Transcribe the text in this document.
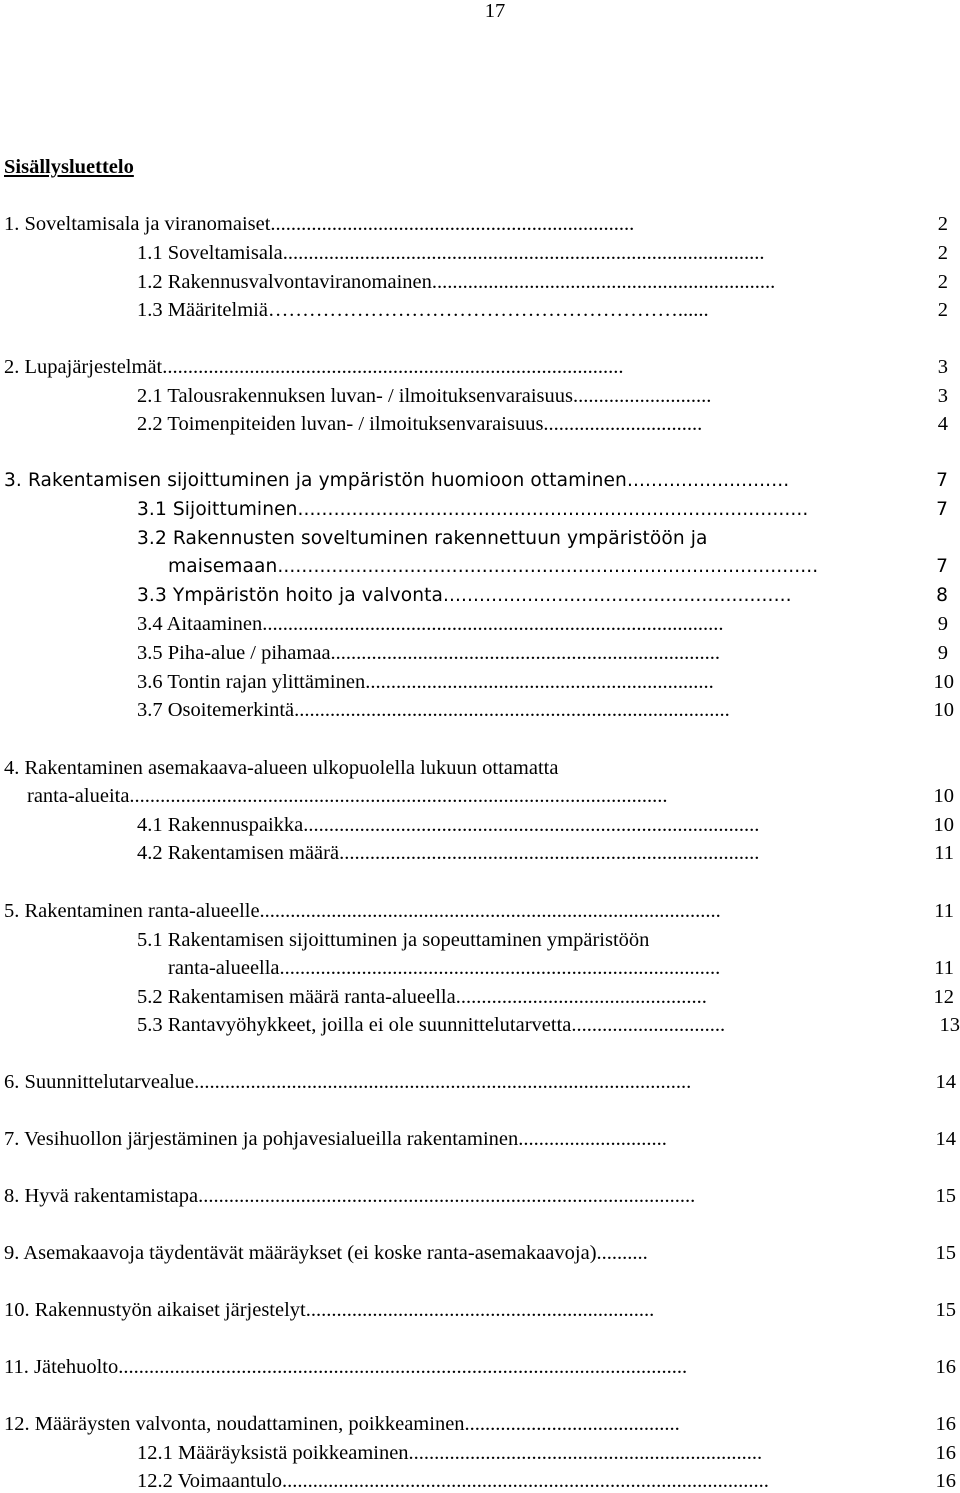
17
Sisällysluettelo
1. Soveltamisala ja viranomaiset.......................................................................	2
1.1 Soveltamisala..............................................................................................	2
1.2 Rakennusvalvontaviranomainen...................................................................	2
1.3 Määritelmiä……………………………………………………......	2
2. Lupajärjestelmät..........................................................................................	3
2.1 Talousrakennuksen luvan- / ilmoituksenvaraisuus...........................	3
2.2 Toimenpiteiden luvan- / ilmoituksenvaraisuus...............................	4
3. Rakentamisen sijoittuminen ja ympäristön huomioon ottaminen...........................	7
3.1 Sijoittuminen.....................................................................................	7
3.2 Rakennusten soveltuminen rakennettuun ympäristöön ja
maisemaan..........................................................................................	7
3.3 Ympäristön hoito ja valvonta..........................................................	8
3.4 Aitaaminen..........................................................................................	9
3.5 Piha-alue / pihamaa............................................................................	9
3.6 Tontin rajan ylittäminen....................................................................	10
3.7 Osoitemerkintä.....................................................................................	10
4. Rakentaminen asemakaava-alueen ulkopuolella lukuun ottamatta
ranta-alueita.........................................................................................................	10
4.1 Rakennuspaikka.........................................................................................	10
4.2 Rakentamisen määrä..................................................................................	11
5. Rakentaminen ranta-alueelle..........................................................................................	11
5.1 Rakentamisen sijoittuminen ja sopeuttaminen ympäristöön
ranta-alueella......................................................................................	11
5.2 Rakentamisen määrä ranta-alueella.................................................	12
5.3 Rantavyöhykkeet, joilla ei ole suunnittelutarvetta..............................	13
6. Suunnittelutarvealue.................................................................................................	14
7. Vesihuollon järjestäminen ja pohjavesialueilla rakentaminen.............................	14
8. Hyvä rakentamistapa.................................................................................................	15
9. Asemakaavoja täydentävät määräykset (ei koske ranta-asemakaavoja)..........	15
10. Rakennustyön aikaiset järjestelyt....................................................................	15
11. Jätehuolto...............................................................................................................	16
12. Määräysten valvonta, noudattaminen, poikkeaminen..........................................	16
12.1 Määräyksistä poikkeaminen.....................................................................	16
12.2 Voimaantulo...............................................................................................	16
